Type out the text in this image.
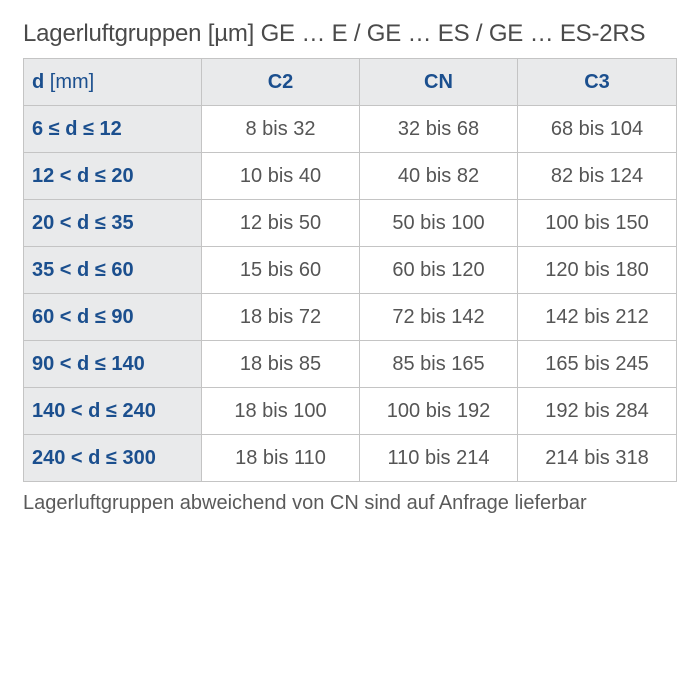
Lagerluftgruppen [µm] GE … E / GE … ES / GE … ES-2RS
d [mm]	C2	CN	C3
6 ≤ d ≤ 12	8 bis 32	32 bis 68	68 bis 104
12 < d ≤ 20	10 bis 40	40 bis 82	82 bis 124
20 < d ≤ 35	12 bis 50	50 bis 100	100 bis 150
35 < d ≤ 60	15 bis 60	60 bis 120	120 bis 180
60 < d ≤ 90	18 bis 72	72 bis 142	142 bis 212
90 < d ≤ 140	18 bis 85	85 bis 165	165 bis 245
140 < d ≤ 240	18 bis 100	100 bis 192	192 bis 284
240 < d ≤ 300	18 bis 110	110 bis 214	214 bis 318
Lagerluftgruppen abweichend von CN sind auf Anfrage lieferbar
